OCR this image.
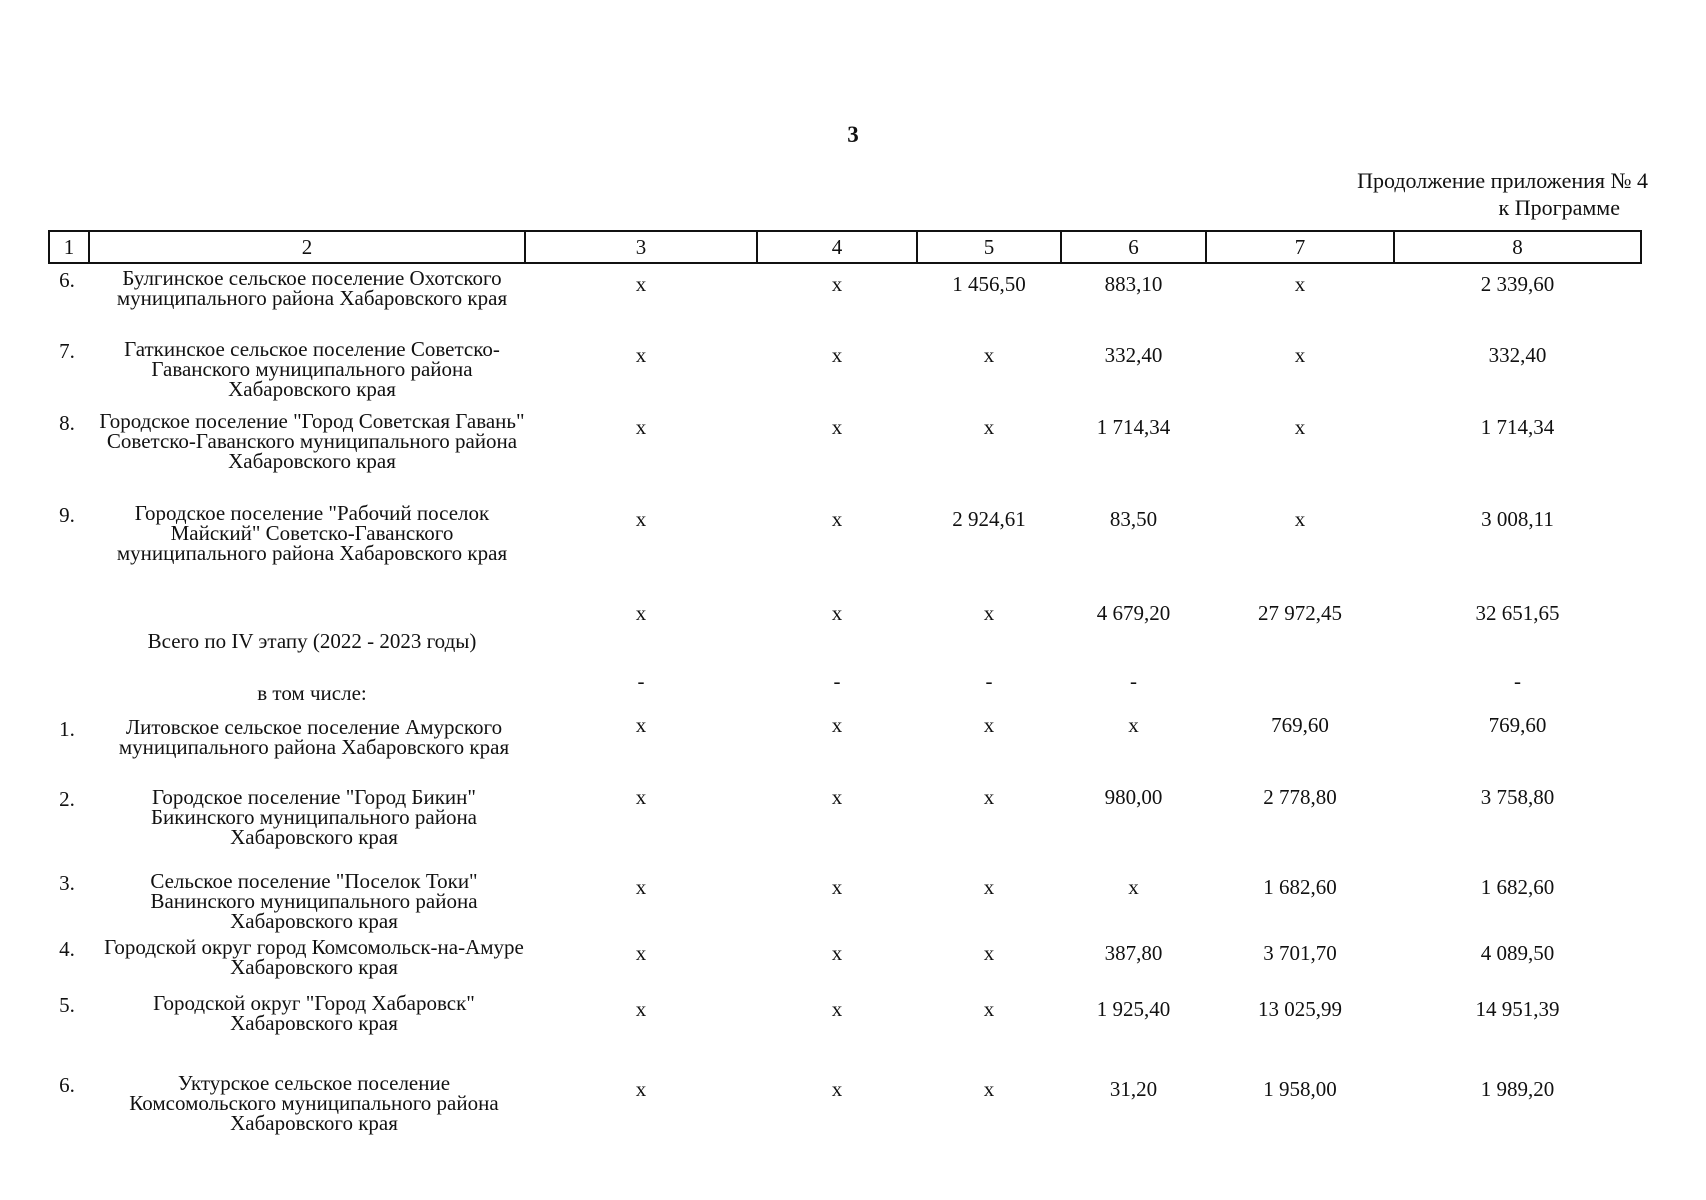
3
Продолжение приложения № 4
к Программе
1	2	3	4	5	6	7	8
6.	Булгинское сельское поселение Охотского муниципального района Хабаровского края	x	x	1 456,50	883,10	x	2 339,60
7.	Гаткинское сельское поселение Советско-Гаванского муниципального района Хабаровского края	x	x	x	332,40	x	332,40
8.	Городское поселение "Город Советская Гавань" Советско-Гаванского муниципального района Хабаровского края	x	x	x	1 714,34	x	1 714,34
9.	Городское поселение "Рабочий поселок Майский" Советско-Гаванского муниципального района Хабаровского края	x	x	2 924,61	83,50	x	3 008,11
	Всего по IV этапу (2022 - 2023 годы)	x	x	x	4 679,20	27 972,45	32 651,65
	в том числе:	-	-	-	-		-
1.	Литовское сельское поселение Амурского муниципального района Хабаровского края	x	x	x	x	769,60	769,60
2.	Городское поселение "Город Бикин" Бикинского муниципального района Хабаровского края	x	x	x	980,00	2 778,80	3 758,80
3.	Сельское поселение "Поселок Токи" Ванинского муниципального района Хабаровского края	x	x	x	x	1 682,60	1 682,60
4.	Городской округ город Комсомольск-на-Амуре Хабаровского края	x	x	x	387,80	3 701,70	4 089,50
5.	Городской округ "Город Хабаровск" Хабаровского края	x	x	x	1 925,40	13 025,99	14 951,39
6.	Уктурское сельское поселение Комсомольского муниципального района Хабаровского края	x	x	x	31,20	1 958,00	1 989,20
